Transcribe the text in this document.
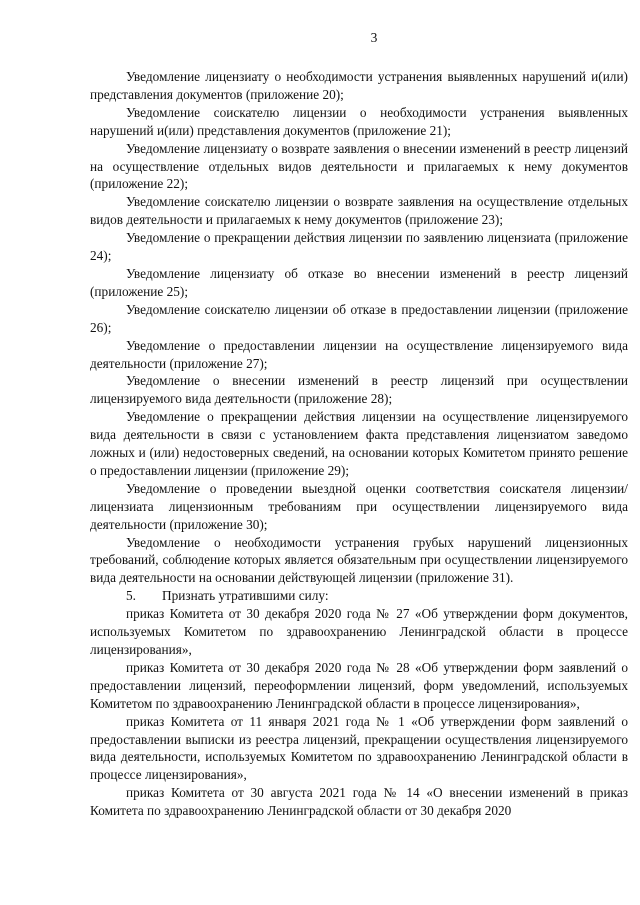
3

Уведомление лицензиату о необходимости устранения выявленных нарушений и(или) представления документов (приложение 20);

Уведомление соискателю лицензии о необходимости устранения выявленных нарушений и(или) представления документов (приложение 21);

Уведомление лицензиату о возврате заявления о внесении изменений в реестр лицензий на осуществление отдельных видов деятельности и прилагаемых к нему документов (приложение 22);

Уведомление соискателю лицензии о возврате заявления на осуществление отдельных видов деятельности и прилагаемых к нему документов (приложение 23);

Уведомление о прекращении действия лицензии по заявлению лицензиата (приложение 24);

Уведомление лицензиату об отказе во внесении изменений в реестр лицензий (приложение 25);

Уведомление соискателю лицензии об отказе в предоставлении лицензии (приложение 26);

Уведомление о предоставлении лицензии на осуществление лицензируемого вида деятельности (приложение 27);

Уведомление о внесении изменений в реестр лицензий при осуществлении лицензируемого вида деятельности (приложение 28);

Уведомление о прекращении действия лицензии на осуществление лицензируемого вида деятельности в связи с установлением факта представления лицензиатом заведомо ложных и (или) недостоверных сведений, на основании которых Комитетом принято решение о предоставлении лицензии (приложение 29);

Уведомление о проведении выездной оценки соответствия соискателя лицензии/лицензиата лицензионным требованиям при осуществлении лицензируемого вида деятельности (приложение 30);

Уведомление о необходимости устранения грубых нарушений лицензионных требований, соблюдение которых является обязательным при осуществлении лицензируемого вида деятельности на основании действующей лицензии (приложение 31).

5. Признать утратившими силу:

приказ Комитета от 30 декабря 2020 года № 27 «Об утверждении форм документов, используемых Комитетом по здравоохранению Ленинградской области в процессе лицензирования»,

приказ Комитета от 30 декабря 2020 года № 28 «Об утверждении форм заявлений о предоставлении лицензий, переоформлении лицензий, форм уведомлений, используемых Комитетом по здравоохранению Ленинградской области в процессе лицензирования»,

приказ Комитета от 11 января 2021 года № 1 «Об утверждении форм заявлений о предоставлении выписки из реестра лицензий, прекращении осуществления лицензируемого вида деятельности, используемых Комитетом по здравоохранению Ленинградской области в процессе лицензирования»,

приказ Комитета от 30 августа 2021 года № 14 «О внесении изменений в приказ Комитета по здравоохранению Ленинградской области от 30 декабря 2020
